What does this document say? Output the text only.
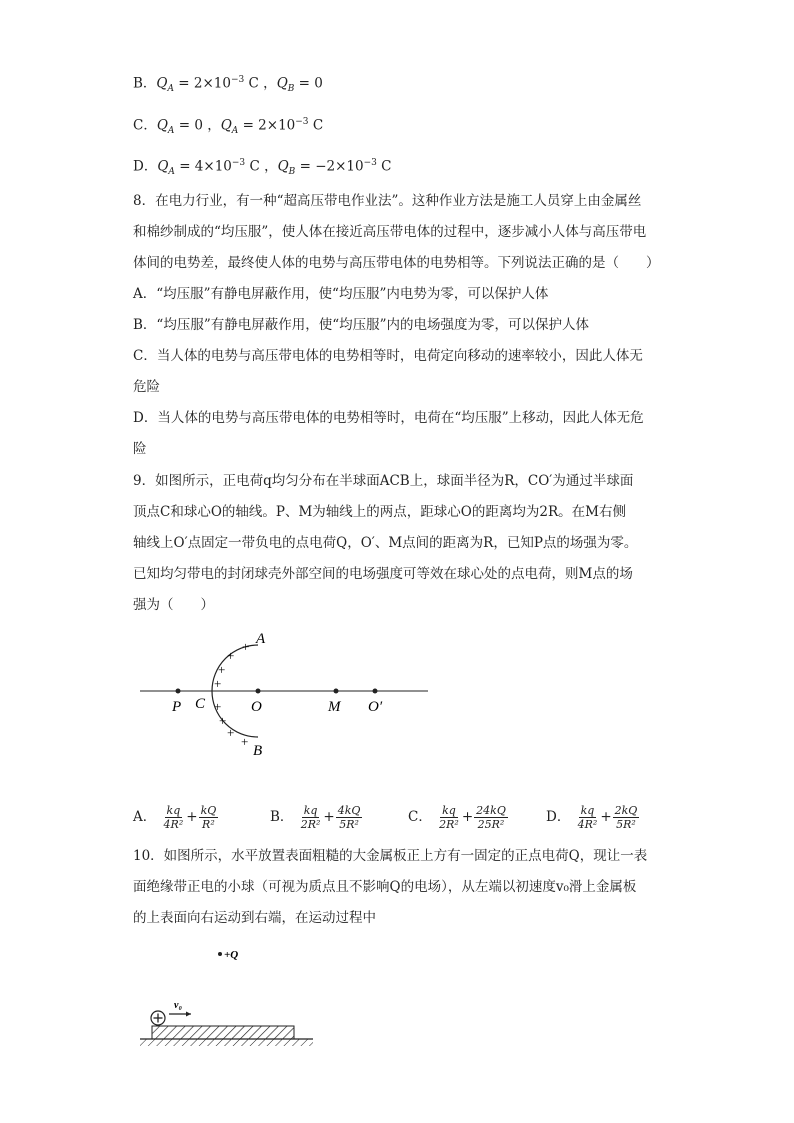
B．$Q_A = 2\times 10^{-3}$ C ，$Q_B = 0$
C．$Q_A = 0$ ，$Q_A = 2\times 10^{-3}$ C
D．$Q_A = 4\times 10^{-3}$ C ，$Q_B = -2\times 10^{-3}$ C
8．在电力行业，有一种“超高压带电作业法”。这种作业方法是施工人员穿上由金属丝
和棉纱制成的“均压服”，使人体在接近高压带电体的过程中，逐步减小人体与高压带电
体间的电势差，最终使人体的电势与高压带电体的电势相等。下列说法正确的是（　　）
A．“均压服”有静电屏蔽作用，使“均压服”内电势为零，可以保护人体
B．“均压服”有静电屏蔽作用，使“均压服”内的电场强度为零，可以保护人体
C．当人体的电势与高压带电体的电势相等时，电荷定向移动的速率较小，因此人体无
危险
D．当人体的电势与高压带电体的电势相等时，电荷在“均压服”上移动，因此人体无危
险
9．如图所示，正电荷q均匀分布在半球面ACB上，球面半径为R，CO′为通过半球面
顶点C和球心O的轴线。P、M为轴线上的两点，距球心O的距离均为2R。在M右侧
轴线上O′点固定一带负电的点电荷Q，O′、M点间的距离为R，已知P点的场强为零。
已知均匀带电的封闭球壳外部空间的电场强度可等效在球心处的点电荷，则M点的场
强为（　　）
+
+
+
+
+
+
+
+
A
B
C
P	O	M O′
A． $\frac{kq}{\text{4R²}} + \frac{kQ}{\text{R²}}$	B． $\frac{kq}{\text{2R²}} + \frac{4kQ}{\text{5R²}}$	C． $\frac{kq}{\text{2R²}} + \frac{24kQ}{\text{25R²}}$	D． $\frac{kq}{\text{4R²}} + \frac{2kQ}{\text{5R²}}$
10．如图所示，水平放置表面粗糙的大金属板正上方有一固定的正点电荷Q，现让一表
面绝缘带正电的小球（可视为质点且不影响Q的电场），从左端以初速度v₀滑上金属板
的上表面向右运动到右端，在运动过程中
+Q
v₀
